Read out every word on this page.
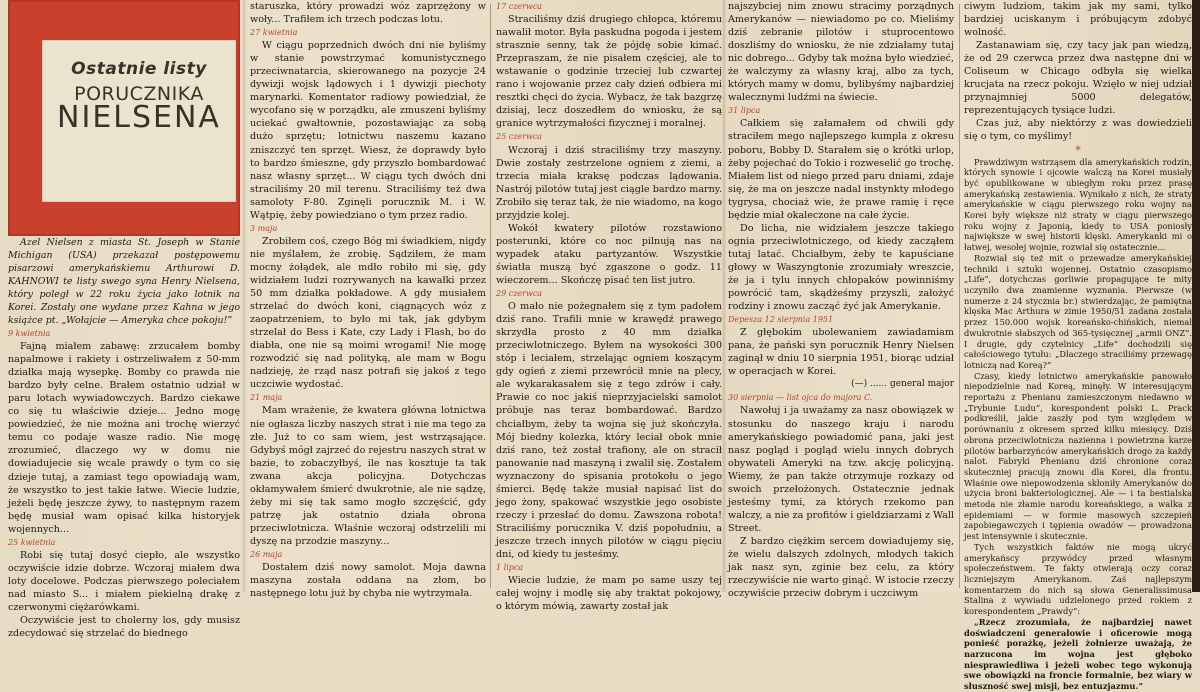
Ostatnie listy
PORUCZNIKA
NIELSENA

Azel Nielsen z miasta St. Joseph w Stanie Michigan (USA) przekazał postępowemu pisarzowi amerykańskiemu Arthurowi D. KAHNOWI te listy swego syna Henry Nielsena, który poległ w 22 roku życia jako lotnik na Korei. Zostały one wydane przez Kahna w jego książce pt. „Wołajcie — Ameryka chce pokoju!”

9 kwietnia

Fajną miałem zabawę: zrzucałem bomby napalmowe i rakiety i ostrzeliwałem z 50-mm działka mają wysepkę. Bomby co prawda nie bardzo były celne. Brałem ostatnio udział w paru lotach wywiadowczych. Bardzo ciekawe co się tu właściwie dzieje... Jedno mogę powiedzieć, że nie można ani trochę wierzyć temu co podaje wasze radio. Nie mogę zrozumieć, dlaczego wy w domu nie dowiadujecie się wcale prawdy o tym co się dzieje tutaj, a zamiast tego opowiadają wam, że wszystko to jest takie łatwe. Wiecie ludzie, jeżeli będę jeszcze żywy, to następnym razem będę musiał wam opisać kilka historyjek wojennych...

25 kwietnia

Robi się tutaj dosyć ciepło, ale wszystko oczywiście idzie dobrze. Wczoraj miałem dwa loty docelowe. Podczas pierwszego poleciałem nad miasto S... i miałem piekielną drakę z czerwonymi ciężarówkami.

Oczywiście jest to cholerny los, gdy musisz zdecydować się strzelać do biednego

staruszka, który prowadzi wóz zaprzężony w woły... Trafiłem ich trzech podczas lotu.

27 kwietnia

W ciągu poprzednich dwóch dni nie byliśmy w stanie powstrzymać komunistycznego przeciwnatarcia, skierowanego na pozycje 24 dywizji wojsk lądowych i 1 dywizji piechoty marynarki. Komentator radiowy powiedział, że wycofano się w porządku, ale zmuszeni byliśmy uciekać gwałtownie, pozostawiając za sobą dużo sprzętu; lotnictwu naszemu kazano zniszczyć ten sprzęt. Wiesz, że doprawdy było to bardzo śmieszne, gdy przyszło bombardować nasz własny sprzęt... W ciągu tych dwóch dni straciliśmy 20 mil terenu. Straciliśmy też dwa samoloty F-80. Zginęli porucznik M. i W. Wątpię, żeby powiedziano o tym przez radio.

3 maja

Zrobiłem coś, czego Bóg mi świadkiem, nigdy nie myślałem, że zrobię. Sądziłem, że mam mocny żołądek, ale mdło robiło mi się, gdy widziałem ludzi rozrywanych na kawałki przez 50 mm działka pokładowe. A gdy musiałem strzelać do dwóch koni, ciągnących wóz z zaopatrzeniem, to było mi tak, jak gdybym strzelał do Bess i Kate, czy Lady i Flash, bo do diabła, one nie są moimi wrogami! Nie mogę rozwodzić się nad polityką, ale mam w Bogu nadzieję, że rząd nasz potrafi się jakoś z tego uczciwie wydostać.

21 maja

Mam wrażenie, że kwatera główna lotnictwa nie ogłasza liczby naszych strat i nie ma tego za złe. Już to co sam wiem, jest wstrząsające. Gdybyś mógł zajrzeć do rejestru naszych strat w bazie, to zobaczyłbyś, ile nas kosztuje ta tak zwana akcja policyjna. Dotychczas okłamywałem śmierć dwukrotnie, ale nie sądzę, żeby mi się tak samo mogło szczęścić, gdy patrzę jak ostatnio działa obrona przeciwlotnicza. Właśnie wczoraj odstrzelili mi dyszę na przodzie maszyny...

26 maja

Dostałem dziś nowy samolot. Moja dawna maszyna została oddana na złom, bo następnego lotu już by chyba nie wytrzymała.

17 czerwca

Straciliśmy dziś drugiego chłopca, któremu nawalił motor. Była paskudna pogoda i jestem strasznie senny, tak że pójdę sobie kimać. Przepraszam, że nie pisałem częściej, ale to wstawanie o godzinie trzeciej lub czwartej rano i wojowanie przez cały dzień odbiera mi resztki chęci do życia. Wybacz, że tak bazgrzę dzisiaj, lecz doszedłem do wniosku, że są granice wytrzymałości fizycznej i moralnej.

25 czerwca

Wczoraj i dziś straciliśmy trzy maszyny. Dwie zostały zestrzelone ogniem z ziemi, a trzecia miała kraksę podczas lądowania. Nastrój pilotów tutaj jest ciągle bardzo marny. Zrobiło się teraz tak, że nie wiadomo, na kogo przyjdzie kolej.

Wokół kwatery pilotów rozstawiono posterunki, które co noc pilnują nas na wypadek ataku partyzantów. Wszystkie światła muszą być zgaszone o godz. 11 wieczorem... Skończę pisać ten list jutro.

29 czerwca

O mało nie pożegnałem się z tym padołem dziś rano. Trafili mnie w krawędź prawego skrzydła prosto z 40 mm działka przeciwlotniczego. Byłem na wysokości 300 stóp i leciałem, strzelając ogniem koszącym gdy ogień z ziemi przewrócił mnie na plecy, ale wykarakasałem się z tego zdrów i cały. Prawie co noc jakiś nieprzyjacielski samolot próbuje nas teraz bombardować. Bardzo chciałbym, żeby ta wojna się już skończyła. Mój biedny kolezka, który leciał obok mnie dziś rano, też został trafiony, ale on stracił panowanie nad maszyną i zwalił się. Zostałem wyznaczony do spisania protokołu o jego śmierci. Będę także musiał napisać list do jego żony, spakować wszystkie jego osobiste rzeczy i przesłać do domu. Zawszona robota! Straciliśmy porucznika V. dziś popołudniu, a jeszcze trzech innych pilotów w ciągu pięciu dni, od kiedy tu jesteśmy.

1 lipca

Wiecie ludzie, że mam po same uszy tej całej wojny i modlę się aby traktat pokojowy, o którym mówią, zawarty został jak

najszybciej nim znowu stracimy porządnych Amerykanów — niewiadomo po co. Mieliśmy dziś zebranie pilotów i stuprocentowo doszliśmy do wniosku, że nie zdziałamy tutaj nic dobrego... Gdyby tak można było wiedzieć, że walczymy za własny kraj, albo za tych, których mamy w domu, bylibyśmy najbardziej walecznymi ludźmi na świecie.

31 lipca

Całkiem się załamałem od chwili gdy straciłem mego najlepszego kumpla z okresu poboru, Bobby D. Starałem się o krótki urlop, żeby pojechać do Tokio i rozweselić go trochę. Miałem list od niego przed paru dniami, zdaje się, że ma on jeszcze nadal instynkty młodego tygrysa, chociaż wie, że prawe ramię i ręce będzie miał okaleczone na całe życie.

Do licha, nie widziałem jeszcze takiego ognia przeciwlotniczego, od kiedy zacząłem tutaj latać. Chciałbym, żeby te kapuściane głowy w Waszyngtonie zrozumiały wreszcie, że ja i tylu innych chłopaków powinniśmy powrócić tam, skądżeśmy przyszli, założyć rodziny i znowu zacząć żyć jak Amerykanie.

Depesza 12 sierpnia 1951

Z głębokim ubolewaniem zawiadamiam pana, że pański syn porucznik Henry Nielsen zaginął w dniu 10 sierpnia 1951, biorąc udział w operacjach w Korei.

(—) ...... general major

30 sierpnia — list ojca do majora C.

Nawołuj i ja uważamy za nasz obowiązek w stosunku do naszego kraju i narodu amerykańskiego powiadomić pana, jaki jest nasz pogląd i pogląd wielu innych dobrych obywateli Ameryki na tzw. akcję policyjną. Wiemy, że pan także otrzymuje rozkazy od swoich przełożonych. Ostatecznie jednak jesteśmy tymi, za których rzekomo pan walczy, a nie za profitów i gieldziarzami z Wall Street.

Z bardzo ciężkim sercem dowiadujemy się, że wielu dalszych zdolnych, młodych takich jak nasz syn, zginie bez celu, za który rzeczywiście nie warto ginąć. W istocie rzeczy oczywiście przeciw dobrym i uczciwym

ciwym ludziom, takim jak my sami, tylko bardziej uciskanym i próbującym zdobyć wolność.

Zastanawiam się, czy tacy jak pan wiedzą, że od 29 czerwca przez dwa następne dni w Coliseum w Chicago odbyła się wielka krucjata na rzecz pokoju. Wzięło w niej udział przynajmniej 5000 delegatów, reprezentujących tysiące ludzi.

Czas już, aby niektórzy z was dowiedzieli się o tym, co myślimy!

*

Prawdziwym wstrząsem dla amerykańskich rodzin, których synowie i ojcowie walczą na Korei musiały być opublikowane w ubiegłym roku przez prasę amerykańską zestawienia. Wynikało z nich, że straty amerykańskie w ciągu pierwszego roku wojny na Korei były większe niż straty w ciągu pierwszego roku wojny z Japonią, kiedy to USA poniosły największe w swej historii klęski. Amerykanki mi o łatwej, wesołej wojnie, rozwiał się ostatecznie...

Rozwiał się też mit o przewadze amerykańskiej techniki i sztuki wojennej. Ostatnio czasopismo „Life”, dotychczas gorliwie propagujące te mity uczyniło dwa znamienne wyznania. Pierwsze (w numerze z 24 stycznia br.) stwierdzając, że pamiętna klęska Mac Arthura w zimie 1950/51 zadana została przez 150.000 wojsk koreańsko-chińskich, niemal dwukrotnie słabszych od 365-tysięcznej „armii ONZ”. I drugie, gdy czytelnicy „Life” dochodzili się całościowego tytułu: „Dlaczego straciliśmy przewagę lotniczą nad Koreą?”

Czasy, kiedy lotnictwo amerykańskie panowało niepodzielnie nad Koreą, minęły. W interesującym reportażu z Phenianu zamieszczonym niedawno w „Trybunie Ludu”, korespondent polski L. Prack podkreślił, jakie zaszły pod tym względem w porównaniu z okresem sprzed kilku miesięcy. Dziś obrona przeciwlotnicza nazienna i powietrzna karze pilotów barbarzyńców amerykańskich drogo za każdy nalot. Fabryki Phenianu dziś chronione coraz skuteczniej pracują znowu dla Korei, dla frontu. Właśnie owe niepowodzenia skłoniły Amerykanów do użycia broni bakteriologicznej. Ale — i ta bestialska metoda nie złamie narodu koreańskiego, a walka z epidemiami — w formie masowych szczepień zapobiegawczych i tępienia owadów — prowadzona jest intensywnie i skutecznie.

Tych wszystkich faktów nie mogą ukryć amerykańscy przywódcy przed własnym społeczeństwem. Te fakty otwierają oczy coraz liczniejszym Amerykanom. Zaś najlepszym komentarzem do nich są słowa Generalissimusa Stalina z wywiadu udzielonego przed rokiem z korespondentem „Prawdy”:

„Rzecz zrozumiała, że najbardziej nawet doświadczeni generałowie i oficerowie mogą ponieść porażkę, jeżeli żołnierze uważają, że narzucona im wojna jest głęboko niesprawiedliwa i jeżeli wobec tego wykonują swe obowiązki na froncie formalnie, bez wiary w słuszność swej misji, bez entuzjazmu.”
